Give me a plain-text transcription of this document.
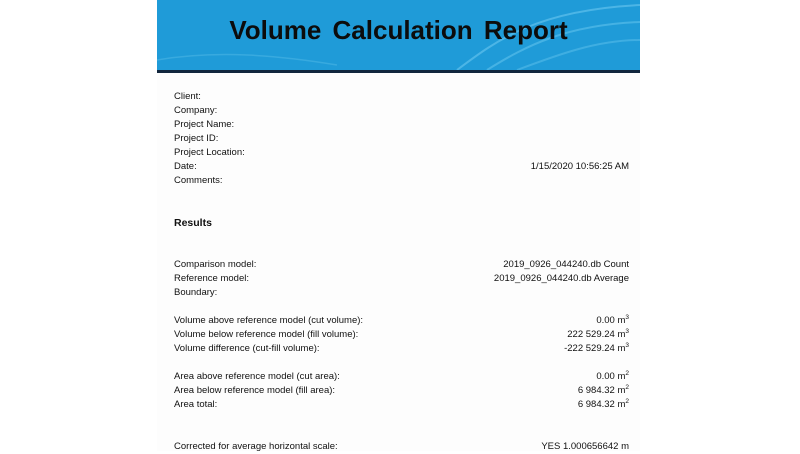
Volume Calculation Report
Client:
Company:
Project Name:
Project ID:
Project Location:
Date:	1/15/2020 10:56:25 AM
Comments:
Results
Comparison model:	2019_0926_044240.db Count
Reference model:	2019_0926_044240.db Average
Boundary:
Volume above reference model (cut volume):	0.00 $m^3$
Volume below reference model (fill volume):	222 529.24 $m^3$
Volume difference (cut-fill volume):	-222 529.24 $m^3$
Area above reference model (cut area):	0.00 $m^2$
Area below reference model (fill area):	6 984.32 $m^2$
Area total:	6 984.32 $m^2$
Corrected for average horizontal scale:	YES 1.000656642 m
